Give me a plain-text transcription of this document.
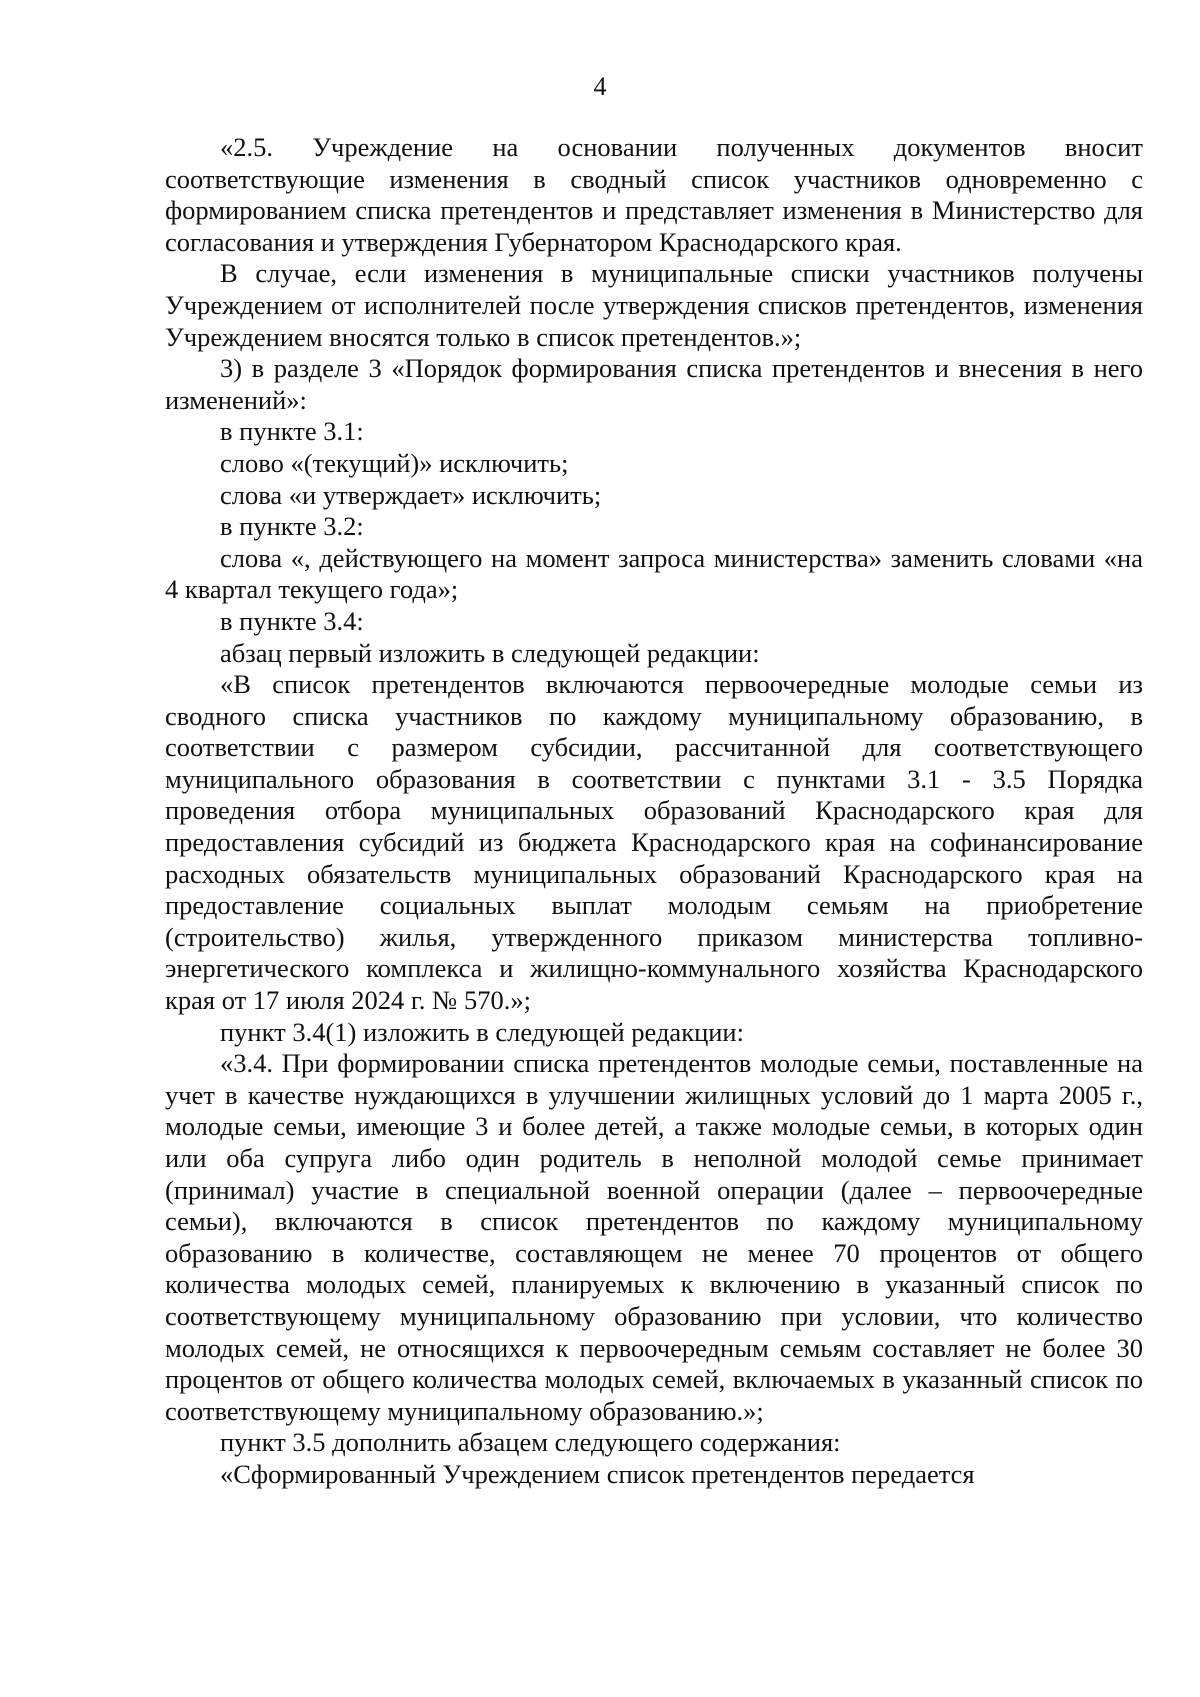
4

«2.5. Учреждение на основании полученных документов вносит соответствующие изменения в сводный список участников одновременно с формированием списка претендентов и представляет изменения в Министерство для согласования и утверждения Губернатором Краснодарского края.

В случае, если изменения в муниципальные списки участников получены Учреждением от исполнителей после утверждения списков претендентов, изменения Учреждением вносятся только в список претендентов.»;

3) в разделе 3 «Порядок формирования списка претендентов и внесения в него изменений»:

в пункте 3.1:

слово «(текущий)» исключить;

слова «и утверждает» исключить;

в пункте 3.2:

слова «, действующего на момент запроса министерства» заменить словами «на 4 квартал текущего года»;

в пункте 3.4:

абзац первый изложить в следующей редакции:

«В список претендентов включаются первоочередные молодые семьи из сводного списка участников по каждому муниципальному образованию, в соответствии с размером субсидии, рассчитанной для соответствующего муниципального образования в соответствии с пунктами 3.1 - 3.5 Порядка проведения отбора муниципальных образований Краснодарского края для предоставления субсидий из бюджета Краснодарского края на софинансирование расходных обязательств муниципальных образований Краснодарского края на предоставление социальных выплат молодым семьям на приобретение (строительство) жилья, утвержденного приказом министерства топливно-энергетического комплекса и жилищно-коммунального хозяйства Краснодарского края от 17 июля 2024 г. № 570.»;

пункт 3.4(1) изложить в следующей редакции:

«3.4. При формировании списка претендентов молодые семьи, поставленные на учет в качестве нуждающихся в улучшении жилищных условий до 1 марта 2005 г., молодые семьи, имеющие 3 и более детей, а также молодые семьи, в которых один или оба супруга либо один родитель в неполной молодой семье принимает (принимал) участие в специальной военной операции (далее – первоочередные семьи), включаются в список претендентов по каждому муниципальному образованию в количестве, составляющем не менее 70 процентов от общего количества молодых семей, планируемых к включению в указанный список по соответствующему муниципальному образованию при условии, что количество молодых семей, не относящихся к первоочередным семьям составляет не более 30 процентов от общего количества молодых семей, включаемых в указанный список по соответствующему муниципальному образованию.»;

пункт 3.5 дополнить абзацем следующего содержания:

«Сформированный Учреждением список претендентов передается
